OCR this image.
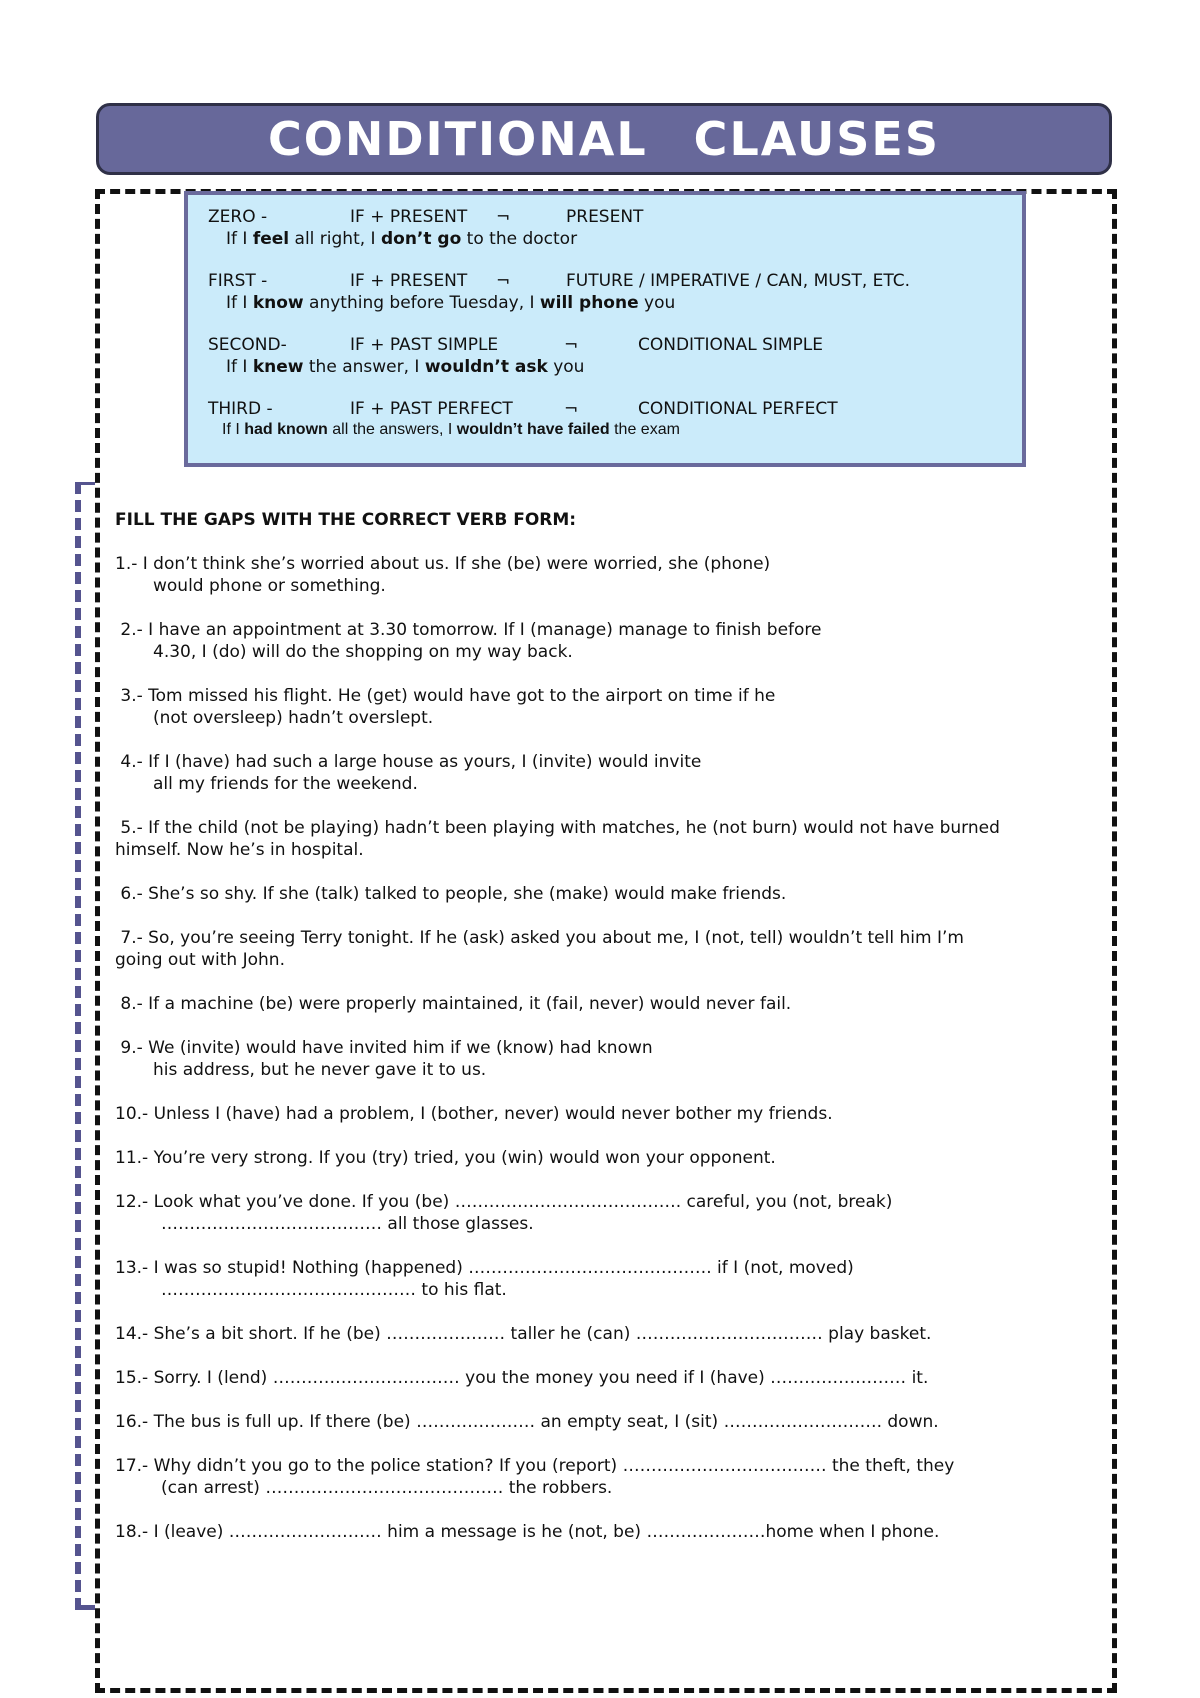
CONDITIONAL CLAUSES
ZERO -	IF + PRESENT ¬	PRESENT
If I feel all right, I don’t go to the doctor
FIRST -	IF + PRESENT ¬	FUTURE / IMPERATIVE / CAN, MUST, ETC.
If I know anything before Tuesday, I will phone you
SECOND-	IF + PAST SIMPLE	¬	CONDITIONAL SIMPLE
If I knew the answer, I wouldn’t ask you
THIRD -	IF + PAST PERFECT	¬	CONDITIONAL PERFECT
If I had known all the answers, I wouldn’t have failed the exam
FILL THE GAPS WITH THE CORRECT VERB FORM:
1.- I don’t think she’s worried about us. If she (be) were worried, she (phone)
would phone or something.
2.- I have an appointment at 3.30 tomorrow. If I (manage) manage to finish before
4.30, I (do) will do the shopping on my way back.
3.- Tom missed his flight. He (get) would have got to the airport on time if he
(not oversleep) hadn’t overslept.
4.- If I (have) had such a large house as yours, I (invite) would invite
all my friends for the weekend.
5.- If the child (not be playing) hadn’t been playing with matches, he (not burn) would not have burned
himself. Now he’s in hospital.
6.- She’s so shy. If she (talk) talked to people, she (make) would make friends.
7.- So, you’re seeing Terry tonight. If he (ask) asked you about me, I (not, tell) wouldn’t tell him I’m
going out with John.
8.- If a machine (be) were properly maintained, it (fail, never) would never fail.
9.- We (invite) would have invited him if we (know) had known
his address, but he never gave it to us.
10.- Unless I (have) had a problem, I (bother, never) would never bother my friends.
11.- You’re very strong. If you (try) tried, you (win) would won your opponent.
12.- Look what you’ve done. If you (be) …………………………………. careful, you (not, break)
………………………………… all those glasses.
13.- I was so stupid! Nothing (happened) ……………………………………. if I (not, moved)
……………………………………… to his flat.
14.- She’s a bit short. If he (be) ………………… taller he (can) …………………………… play basket.
15.- Sorry. I (lend) …………………………… you the money you need if I (have) …………………… it.
16.- The bus is full up. If there (be) ………………… an empty seat, I (sit) ………………………. down.
17.- Why didn’t you go to the police station? If you (report) ……………………………… the theft, they
(can arrest) …………………………………… the robbers.
18.- I (leave) ……………………… him a message is he (not, be) …………………home when I phone.
